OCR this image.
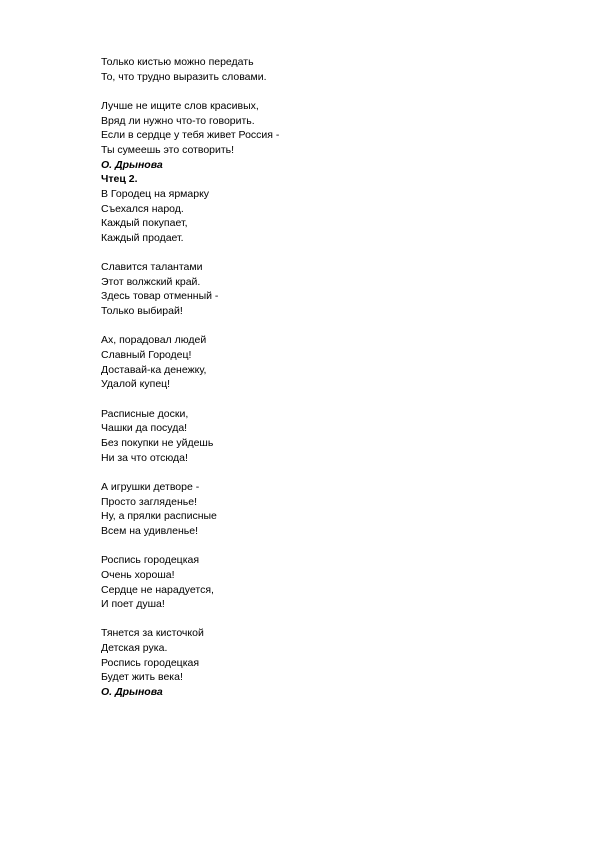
Только кистью можно передать
То, что трудно выразить словами.
Лучше не ищите слов красивых,
Вряд ли нужно что-то говорить.
Если в сердце у тебя живет Россия -
Ты сумеешь это сотворить!
О. Дрынова
Чтец 2.
В Городец на ярмарку
Съехался народ.
Каждый покупает,
Каждый продает.
Славится талантами
Этот волжский край.
Здесь товар отменный -
Только выбирай!
Ах, порадовал людей
Славный Городец!
Доставай-ка денежку,
Удалой купец!
Расписные доски,
Чашки да посуда!
Без покупки не уйдешь
Ни за что отсюда!
А игрушки детворе -
Просто загляденье!
Ну, а прялки расписные
Всем на удивленье!
Роспись городецкая
Очень хороша!
Сердце не нарадуется,
И поет душа!
Тянется за кисточкой
Детская рука.
Роспись городецкая
Будет жить века!
О. Дрынова
